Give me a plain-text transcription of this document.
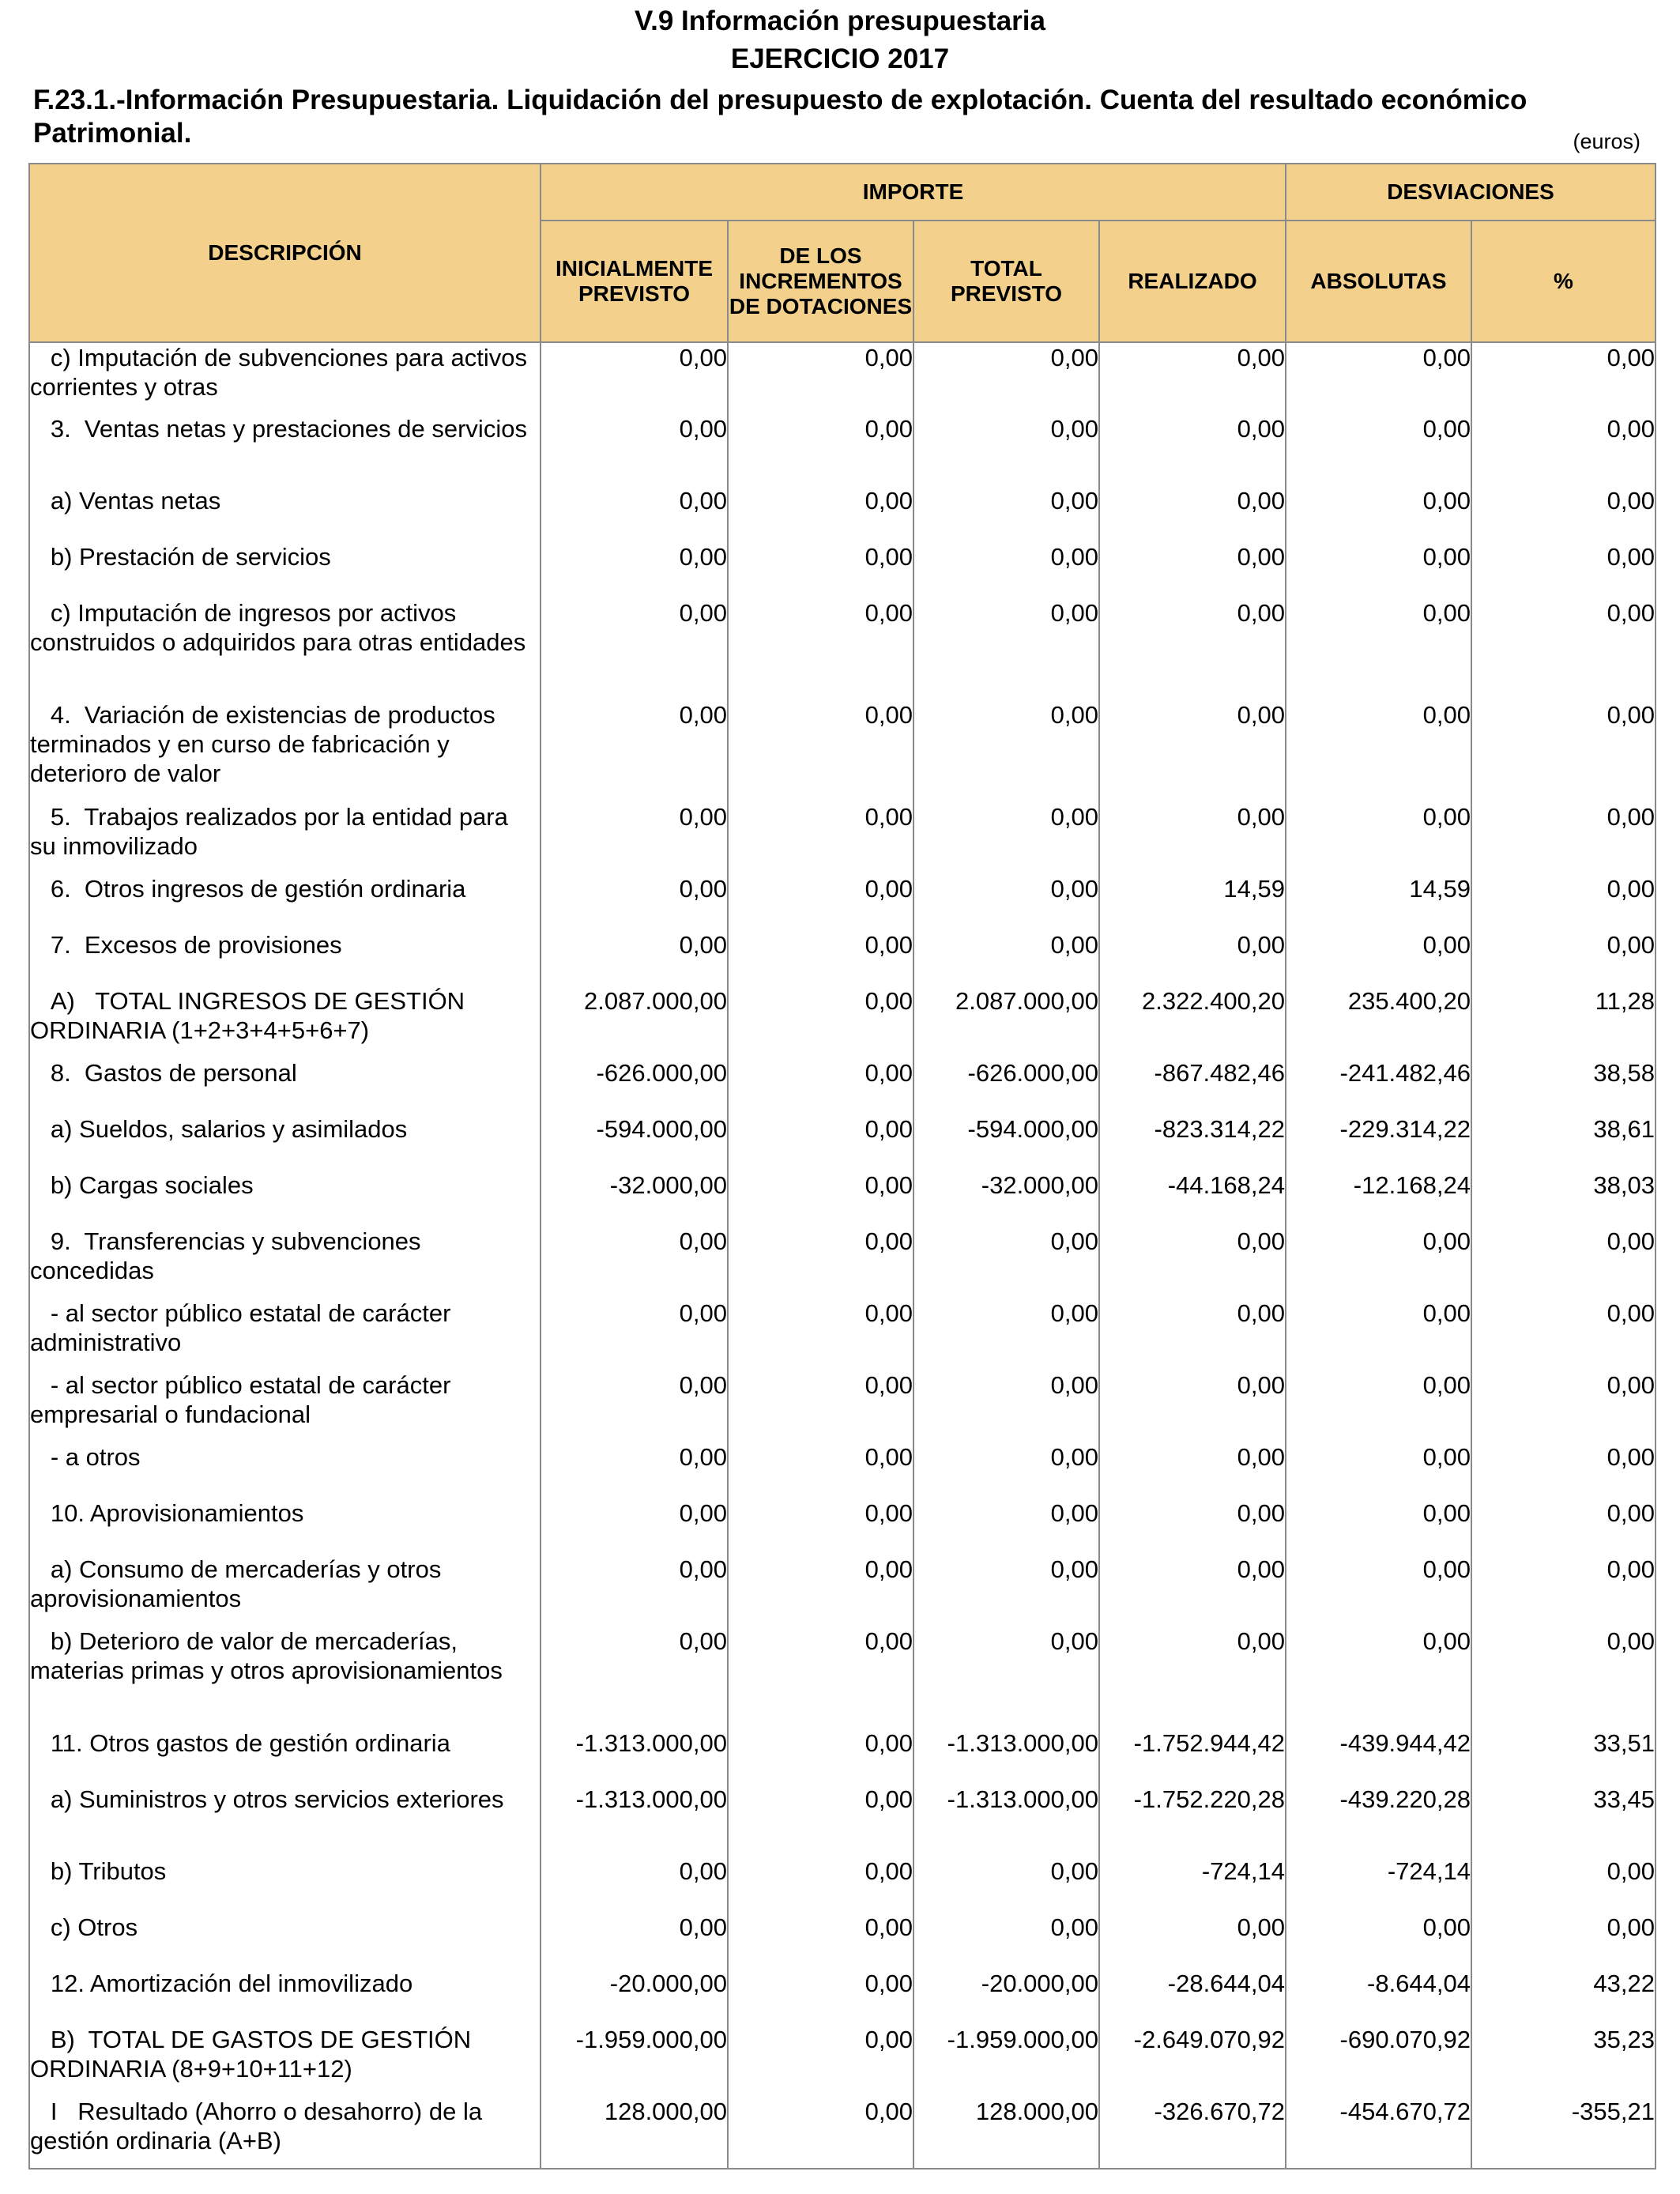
V.9 Información presupuestaria
EJERCICIO 2017
F.23.1.-Información Presupuestaria. Liquidación del presupuesto de explotación. Cuenta del resultado económico Patrimonial.	(euros)
DESCRIPCIÓN	IMPORTE				DESVIACIONES	
	INICIALMENTE PREVISTO	DE LOS INCREMENTOS DE DOTACIONES	TOTAL PREVISTO	REALIZADO	ABSOLUTAS	%
c) Imputación de subvenciones para activos corrientes y otras	0,00	0,00	0,00	0,00	0,00	0,00
3.  Ventas netas y prestaciones de servicios	0,00	0,00	0,00	0,00	0,00	0,00
a) Ventas netas	0,00	0,00	0,00	0,00	0,00	0,00
b) Prestación de servicios	0,00	0,00	0,00	0,00	0,00	0,00
c) Imputación de ingresos por activos construidos o adquiridos para otras entidades	0,00	0,00	0,00	0,00	0,00	0,00
4.  Variación de existencias de productos terminados y en curso de fabricación y deterioro de valor	0,00	0,00	0,00	0,00	0,00	0,00
5.  Trabajos realizados por la entidad para su inmovilizado	0,00	0,00	0,00	0,00	0,00	0,00
6.  Otros ingresos de gestión ordinaria	0,00	0,00	0,00	14,59	14,59	0,00
7.  Excesos de provisiones	0,00	0,00	0,00	0,00	0,00	0,00
A)   TOTAL INGRESOS DE GESTIÓN ORDINARIA (1+2+3+4+5+6+7)	2.087.000,00	0,00	2.087.000,00	2.322.400,20	235.400,20	11,28
8.  Gastos de personal	-626.000,00	0,00	-626.000,00	-867.482,46	-241.482,46	38,58
a) Sueldos, salarios y asimilados	-594.000,00	0,00	-594.000,00	-823.314,22	-229.314,22	38,61
b) Cargas sociales	-32.000,00	0,00	-32.000,00	-44.168,24	-12.168,24	38,03
9.  Transferencias y subvenciones concedidas	0,00	0,00	0,00	0,00	0,00	0,00
- al sector público estatal de carácter administrativo	0,00	0,00	0,00	0,00	0,00	0,00
- al sector público estatal de carácter empresarial o fundacional	0,00	0,00	0,00	0,00	0,00	0,00
- a otros	0,00	0,00	0,00	0,00	0,00	0,00
10. Aprovisionamientos	0,00	0,00	0,00	0,00	0,00	0,00
a) Consumo de mercaderías y otros aprovisionamientos	0,00	0,00	0,00	0,00	0,00	0,00
b) Deterioro de valor de mercaderías, materias primas y otros aprovisionamientos	0,00	0,00	0,00	0,00	0,00	0,00
11. Otros gastos de gestión ordinaria	-1.313.000,00	0,00	-1.313.000,00	-1.752.944,42	-439.944,42	33,51
a) Suministros y otros servicios exteriores	-1.313.000,00	0,00	-1.313.000,00	-1.752.220,28	-439.220,28	33,45
b) Tributos	0,00	0,00	0,00	-724,14	-724,14	0,00
c) Otros	0,00	0,00	0,00	0,00	0,00	0,00
12. Amortización del inmovilizado	-20.000,00	0,00	-20.000,00	-28.644,04	-8.644,04	43,22
B)  TOTAL DE GASTOS DE GESTIÓN ORDINARIA (8+9+10+11+12)	-1.959.000,00	0,00	-1.959.000,00	-2.649.070,92	-690.070,92	35,23
I   Resultado (Ahorro o desahorro) de la gestión ordinaria (A+B)	128.000,00	0,00	128.000,00	-326.670,72	-454.670,72	-355,21
